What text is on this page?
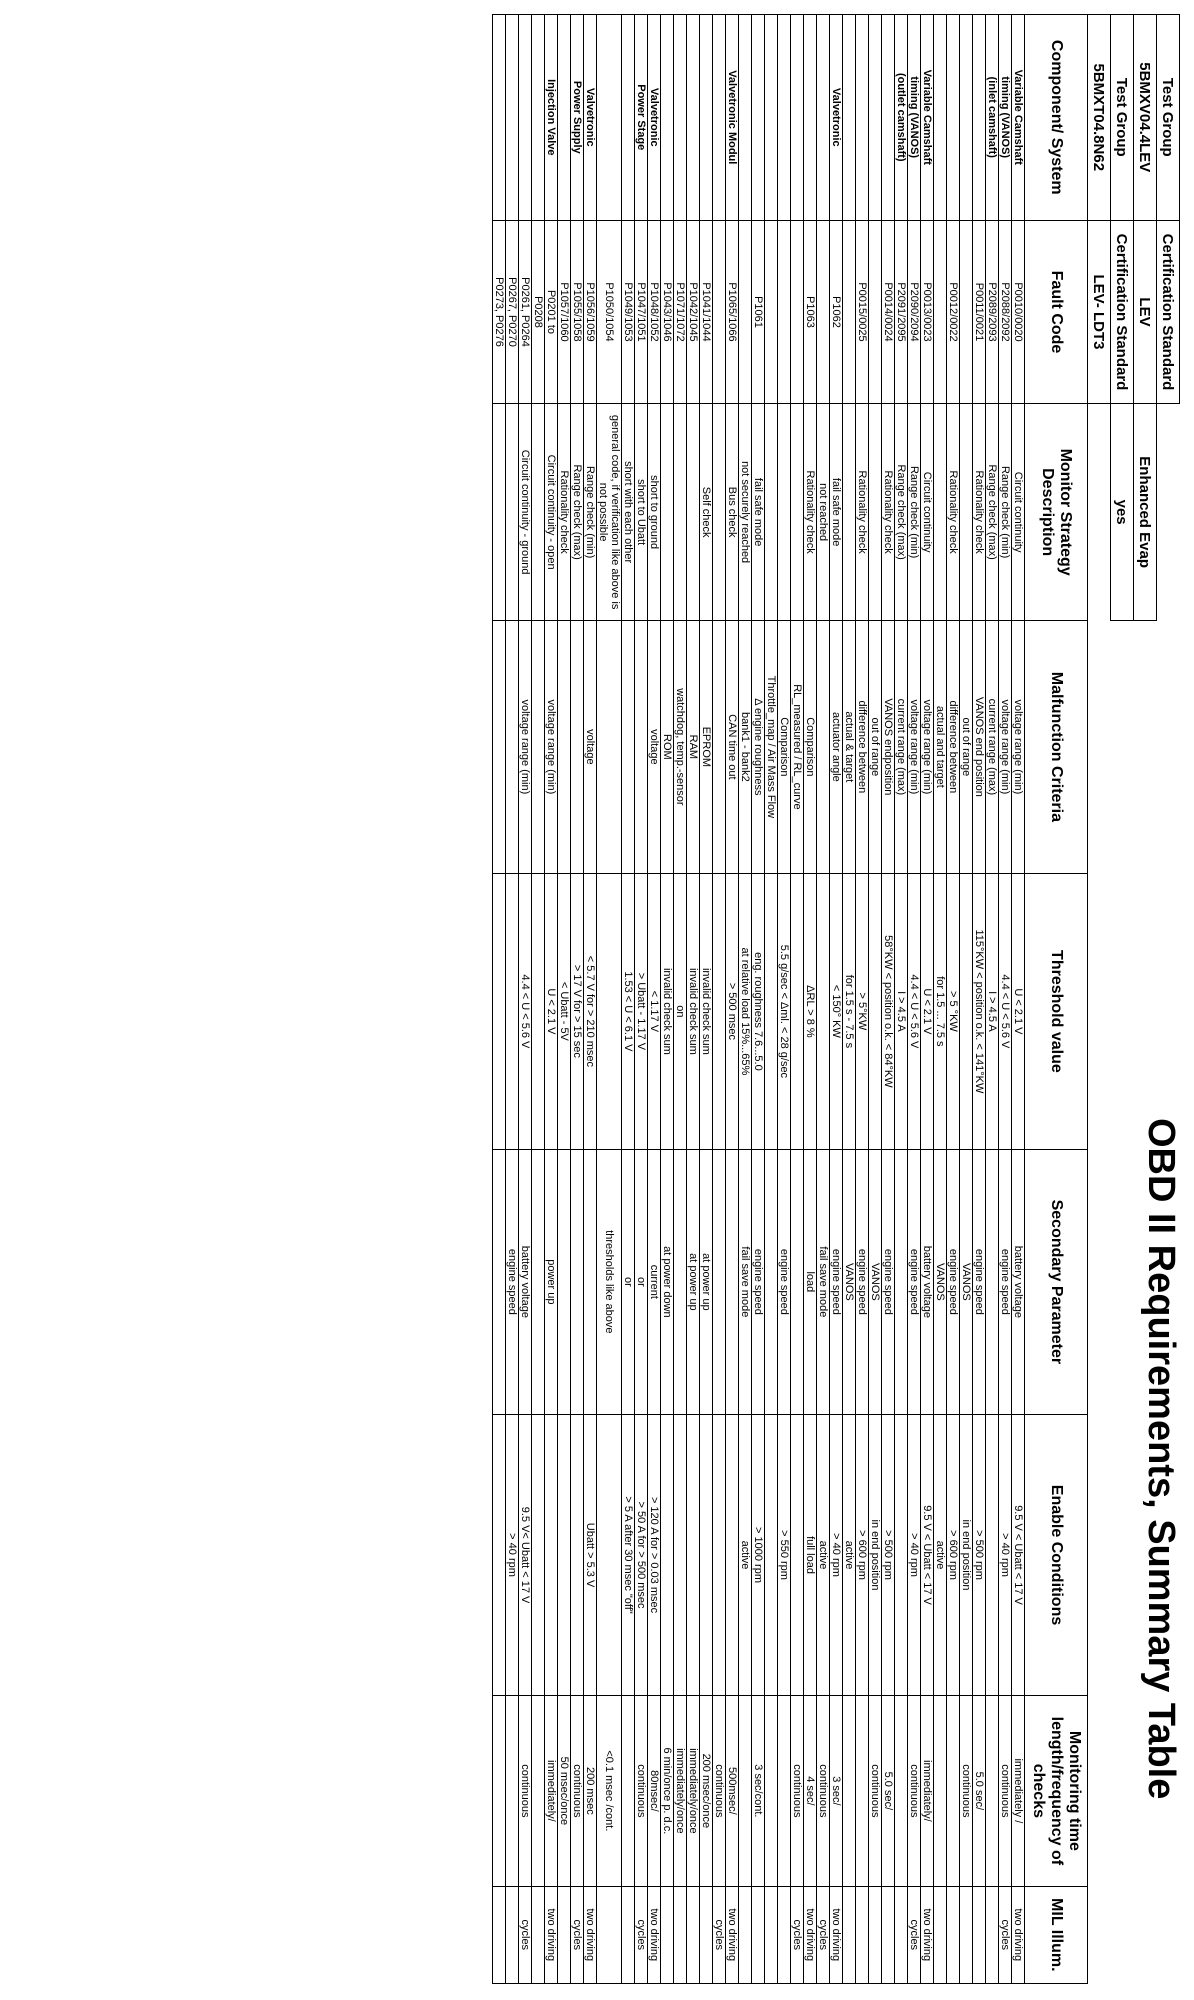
OBD II Requirements, Summary Table
Test Group	Certification Standard							
5BMXV04.4LEV	LEV	Enhanced Evap						
Test Group	Certification Standard	yes						
5BMXT04.8N62	LEV- LDT3							
Component/ System	Fault Code	Monitor Strategy Description	Malfunction Criteria	Threshold value	Secondary Parameter	Enable Conditions	Monitoring time length/frequency of checks	MIL Illum.
Variable Camshaft	P0010/0020	Circuit continuity	voltage range (min)	U < 2.1 V	battery voltage	9.5 V < Ubatt < 17 V	immediately /	two driving
timing (VANOS)	P2088/2092	Range check (min)	voltage range (min)	4.4 < U < 5.6 V	engine speed	> 40 rpm	continuous	cycles
(inlet camshaft)	P2089/2093	Range check (max)	current range (max)	I > 4.5 A				
	P0011/0021	Rationality check	VANOS end position	115°KW < position o.k. < 141°KW	engine speed	> 500 rpm	5.0 sec/	
			out of range		VANOS	in end position	continuous	
	P0012/0022	Rationality check	difference between	> 5 °KW	engine speed	> 600 rpm		
			actual and target	for 1.5 ... 7.5 s	VANOS	active		
Variable Camshaft	P0013/0023	Circuit continuity	voltage range (min)	U < 2.1 V	battery voltage	9.5 V < Ubatt < 17 V	immediately/	two driving
timing (VANOS)	P2090/2094	Range check (min)	voltage range (min)	4.4 < U < 5.6 V	engine speed	> 40 rpm	continuous	cycles
(outlet camshaft)	P2091/2095	Range check (max)	current range (max)	I > 4.5 A				
	P0014/0024	Rationality check	VANOS endposition	58°KW < position o.k. < 84°KW	engine speed	> 500 rpm	5.0 sec/	
			out of range		VANOS	in end position	continuous	
	P0015/0025	Rationality check	difference between	> 5°KW	engine speed	> 600 rpm		
			actual & target	for 1.5 s - 7.5 s	VANOS	active		
Valvetronic	P1062	fail safe mode	actuator angle	< 150° KW	engine speed	> 40 rpm	3 sec/	two driving
		not reached			fail save mode	active	continuous	cycles
	P1063	Rationality check	Comparison	ΔRL > 8 %	load	full load	4 sec/	two driving
			RL_measured / RL_curve				continuous	cycles
			Comparison	5.5 g/sec < Δml. < 28 g/sec	engine speed	> 550 rpm		
			Throttle_map / Air Mass Flow					
	P1061	fail safe mode	Δ engine roughness	eng. roughness 7.6...5.0	engine speed	> 1000 rpm	3 sec/cont.	
		not securely reached	bank1 - bank2	at relative load 15%...65%	fail save mode	active		
Valvetronic Modul	P1065/1066	Bus check	CAN time out	> 500 msec			500msec/	two driving
							continuous	cycles
	P1041/1044	Self check	EPROM	invalid check sum	at power up		200 msec/once	
	P1042/1045		RAM	invalid check sum	at power up		immediately/once	
	P1071/1072		watchdog, temp.-sensor	on			immediately/once	
	P1043/1046		ROM	invalid check sum	at power down		6 min/once p. d.c.	
Valvetronic	P1048/1052	short to ground	voltage	< 1.17 V	current	> 120 A for > 0.03 msec	80msec/	two driving
Power Stage	P1047/1051	short to Ubatt		> Ubatt - 1.17 V	or	> 50 A for > 500 msec	continuous	cycles
	P1049/1053	short with each other		1.53 < U < 6.1 V	or	> 5 A after 30 msec "off"		
	P1050/1054	general code, if verification like above is not possible			thresholds like above		<0.1 msec /cont.	
Valvetronic	P1056/1059	Range check (min)	voltage	< 5.7 V for > 210 msec		Ubatt > 5.3 V	200 msec	two driving
Power Supply	P1055/1058	Range check (max)		> 17 V for > 15 sec			continuous	cycles
	P1057/1060	Rationality check		< Ubatt - 5V			50 msec/once	
Injection Valve	P0201 to	Circuit continuity - open	voltage range (min)	U < 2.1 V	power up		immediately/	two driving
	P0208							
	P0261, P0264	Circuit continuity - ground	voltage range (min)	4.4 < U < 5.6 V	battery voltage	9.5 V< Ubatt < 17 V	continuous	cycles
	P0267, P0270				engine speed	> 40 rpm		
	P0273, P0276							
